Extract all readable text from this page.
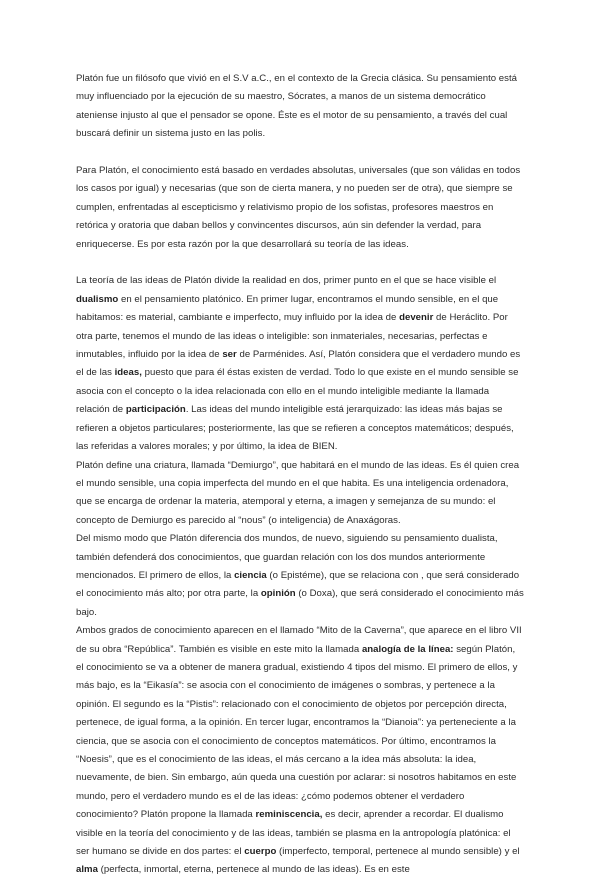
Platón fue un filósofo que vivió en el S.V a.C., en el contexto de la Grecia clásica. Su pensamiento está muy influenciado por la ejecución de su maestro, Sócrates, a manos de un sistema democrático ateniense injusto al que el pensador se opone. Éste es el motor de su pensamiento, a través del cual buscará definir un sistema justo en las polis.

Para Platón, el conocimiento está basado en verdades absolutas, universales (que son válidas en todos los casos por igual) y necesarias (que son de cierta manera, y no pueden ser de otra), que siempre se cumplen, enfrentadas al escepticismo y relativismo propio de los sofistas, profesores maestros en retórica y oratoria que daban bellos y convincentes discursos, aún sin defender la verdad, para enriquecerse. Es por esta razón por la que desarrollará su teoría de las ideas.

La teoría de las ideas de Platón divide la realidad en dos, primer punto en el que se hace visible el dualismo en el pensamiento platónico. En primer lugar, encontramos el mundo sensible, en el que habitamos: es material, cambiante e imperfecto, muy influido por la idea de devenir de Heráclito. Por otra parte, tenemos el mundo de las ideas o inteligible: son inmateriales, necesarias, perfectas e inmutables, influido por la idea de ser de Parménides. Así, Platón considera que el verdadero mundo es el de las ideas, puesto que para él éstas existen de verdad. Todo lo que existe en el mundo sensible se asocia con el concepto o la idea relacionada con ello en el mundo inteligible mediante la llamada relación de participación. Las ideas del mundo inteligible está jerarquizado: las ideas más bajas se refieren a objetos particulares; posteriormente, las que se refieren a conceptos matemáticos; después, las referidas a valores morales; y por último, la idea de BIEN.

Platón define una criatura, llamada “Demiurgo”, que habitará en el mundo de las ideas. Es él quien crea el mundo sensible, una copia imperfecta del mundo en el que habita. Es una inteligencia ordenadora, que se encarga de ordenar la materia, atemporal y eterna, a imagen y semejanza de su mundo: el concepto de Demiurgo es parecido al “nous” (o inteligencia) de Anaxágoras.

Del mismo modo que Platón diferencia dos mundos, de nuevo, siguiendo su pensamiento dualista, también defenderá dos conocimientos, que guardan relación con los dos mundos anteriormente mencionados. El primero de ellos, la ciencia (o Epistéme), que se relaciona con , que será considerado el conocimiento más alto; por otra parte, la opinión (o Doxa), que será considerado el conocimiento más bajo.

Ambos grados de conocimiento aparecen en el llamado “Mito de la Caverna”, que aparece en el libro VII de su obra “República”. También es visible en este mito la llamada analogía de la línea: según Platón, el conocimiento se va a obtener de manera gradual, existiendo 4 tipos del mismo. El primero de ellos, y más bajo, es la “Eikasía”: se asocia con el conocimiento de imágenes o sombras, y pertenece a la opinión. El segundo es la “Pistis”: relacionado con el conocimiento de objetos por percepción directa, pertenece, de igual forma, a la opinión. En tercer lugar, encontramos la “Dianoia”: ya perteneciente a la ciencia, que se asocia con el conocimiento de conceptos matemáticos. Por último, encontramos la “Noesis”, que es el conocimiento de las ideas, el más cercano a la idea más absoluta: la idea, nuevamente, de bien. Sin embargo, aún queda una cuestión por aclarar: si nosotros habitamos en este mundo, pero el verdadero mundo es el de las ideas: ¿cómo podemos obtener el verdadero conocimiento? Platón propone la llamada reminiscencia, es decir, aprender a recordar. El dualismo visible en la teoría del conocimiento y de las ideas, también se plasma en la antropología platónica: el ser humano se divide en dos partes: el cuerpo (imperfecto, temporal, pertenece al mundo sensible) y el alma (perfecta, inmortal, eterna, pertenece al mundo de las ideas). Es en este
